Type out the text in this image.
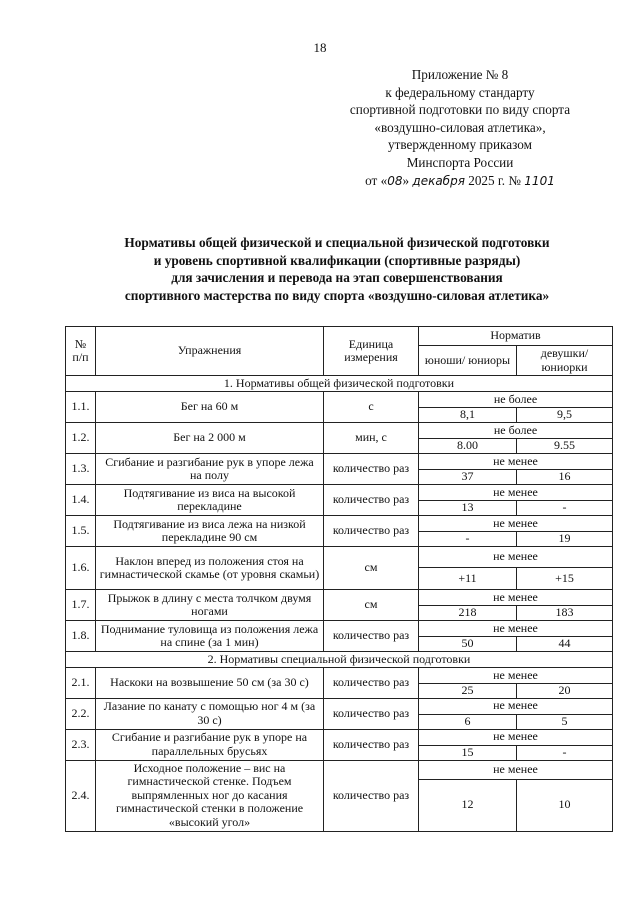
18
Приложение № 8
к федеральному стандарту
спортивной подготовки по виду спорта
«воздушно-силовая атлетика»,
утвержденному приказом
Минспорта России
от «08» декабря 2025 г. № 1101
Нормативы общей физической и специальной физической подготовки
и уровень спортивной квалификации (спортивные разряды)
для зачисления и перевода на этап совершенствования
спортивного мастерства по виду спорта «воздушно-силовая атлетика»
№ п/п	Упражнения	Единица измерения	Норматив	
			юноши/ юниоры	девушки/ юниорки
1. Нормативы общей физической подготовки				
1.1.	Бег на 60 м	с	не более	
			8,1	9,5
1.2.	Бег на 2 000 м	мин, с	не более	
			8.00	9.55
1.3.	Сгибание и разгибание рук в упоре лежа на полу	количество раз	не менее	
			37	16
1.4.	Подтягивание из виса на высокой перекладине	количество раз	не менее	
			13	-
1.5.	Подтягивание из виса лежа на низкой перекладине 90 см	количество раз	не менее	
			-	19
1.6.	Наклон вперед из положения стоя на гимнастической скамье (от уровня скамьи)	см	не менее	
			+11	+15
1.7.	Прыжок в длину с места толчком двумя ногами	см	не менее	
			218	183
1.8.	Поднимание туловища из положения лежа на спине (за 1 мин)	количество раз	не менее	
			50	44
2. Нормативы специальной физической подготовки				
2.1.	Наскоки на возвышение 50 см (за 30 с)	количество раз	не менее	
			25	20
2.2.	Лазание по канату с помощью ног 4 м (за 30 с)	количество раз	не менее	
			6	5
2.3.	Сгибание и разгибание рук в упоре на параллельных брусьях	количество раз	не менее	
			15	-
2.4.	Исходное положение – вис на гимнастической стенке. Подъем выпрямленных ног до касания гимнастической стенки в положение «высокий угол»	количество раз	не менее	
			12	10
